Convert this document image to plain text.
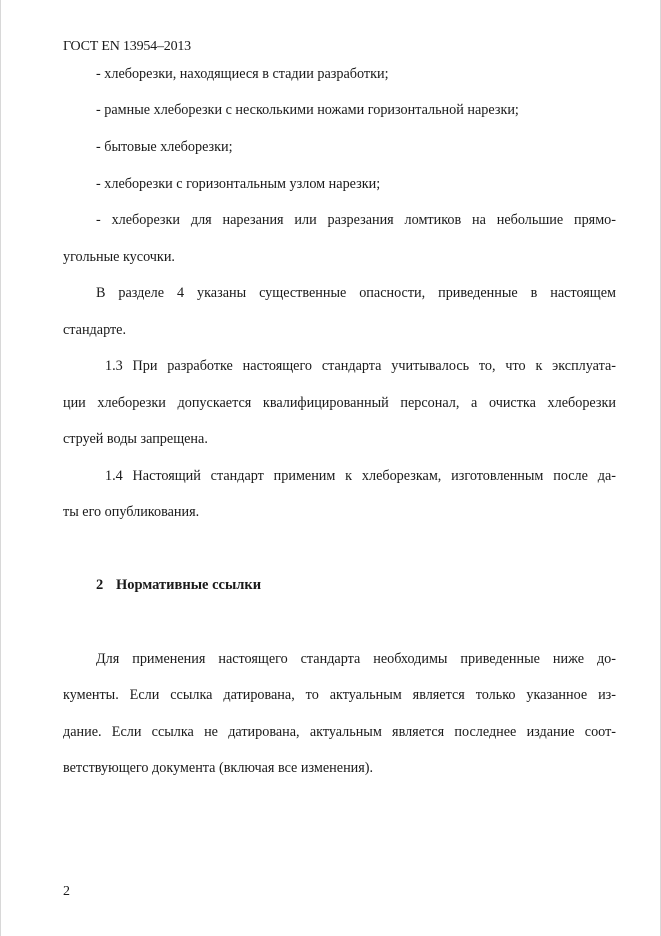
ГОСТ EN 13954–2013
- хлеборезки, находящиеся в стадии разработки;
- рамные хлеборезки с несколькими ножами горизонтальной нарезки;
- бытовые хлеборезки;
- хлеборезки с горизонтальным узлом нарезки;
- хлеборезки для нарезания или разрезания ломтиков на небольшие прямо-
угольные кусочки.
В разделе 4 указаны существенные опасности, приведенные в настоящем
стандарте.
1.3 При разработке настоящего стандарта учитывалось то, что к эксплуата-
ции хлеборезки допускается квалифицированный персонал, а очистка хлеборезки
струей воды запрещена.
1.4 Настоящий стандарт применим к хлеборезкам, изготовленным после да-
ты его опубликования.
2 Нормативные ссылки
Для применения настоящего стандарта необходимы приведенные ниже до-
кументы. Если ссылка датирована, то актуальным является только указанное из-
дание. Если ссылка не датирована, актуальным является последнее издание соот-
ветствующего документа (включая все изменения).
2
